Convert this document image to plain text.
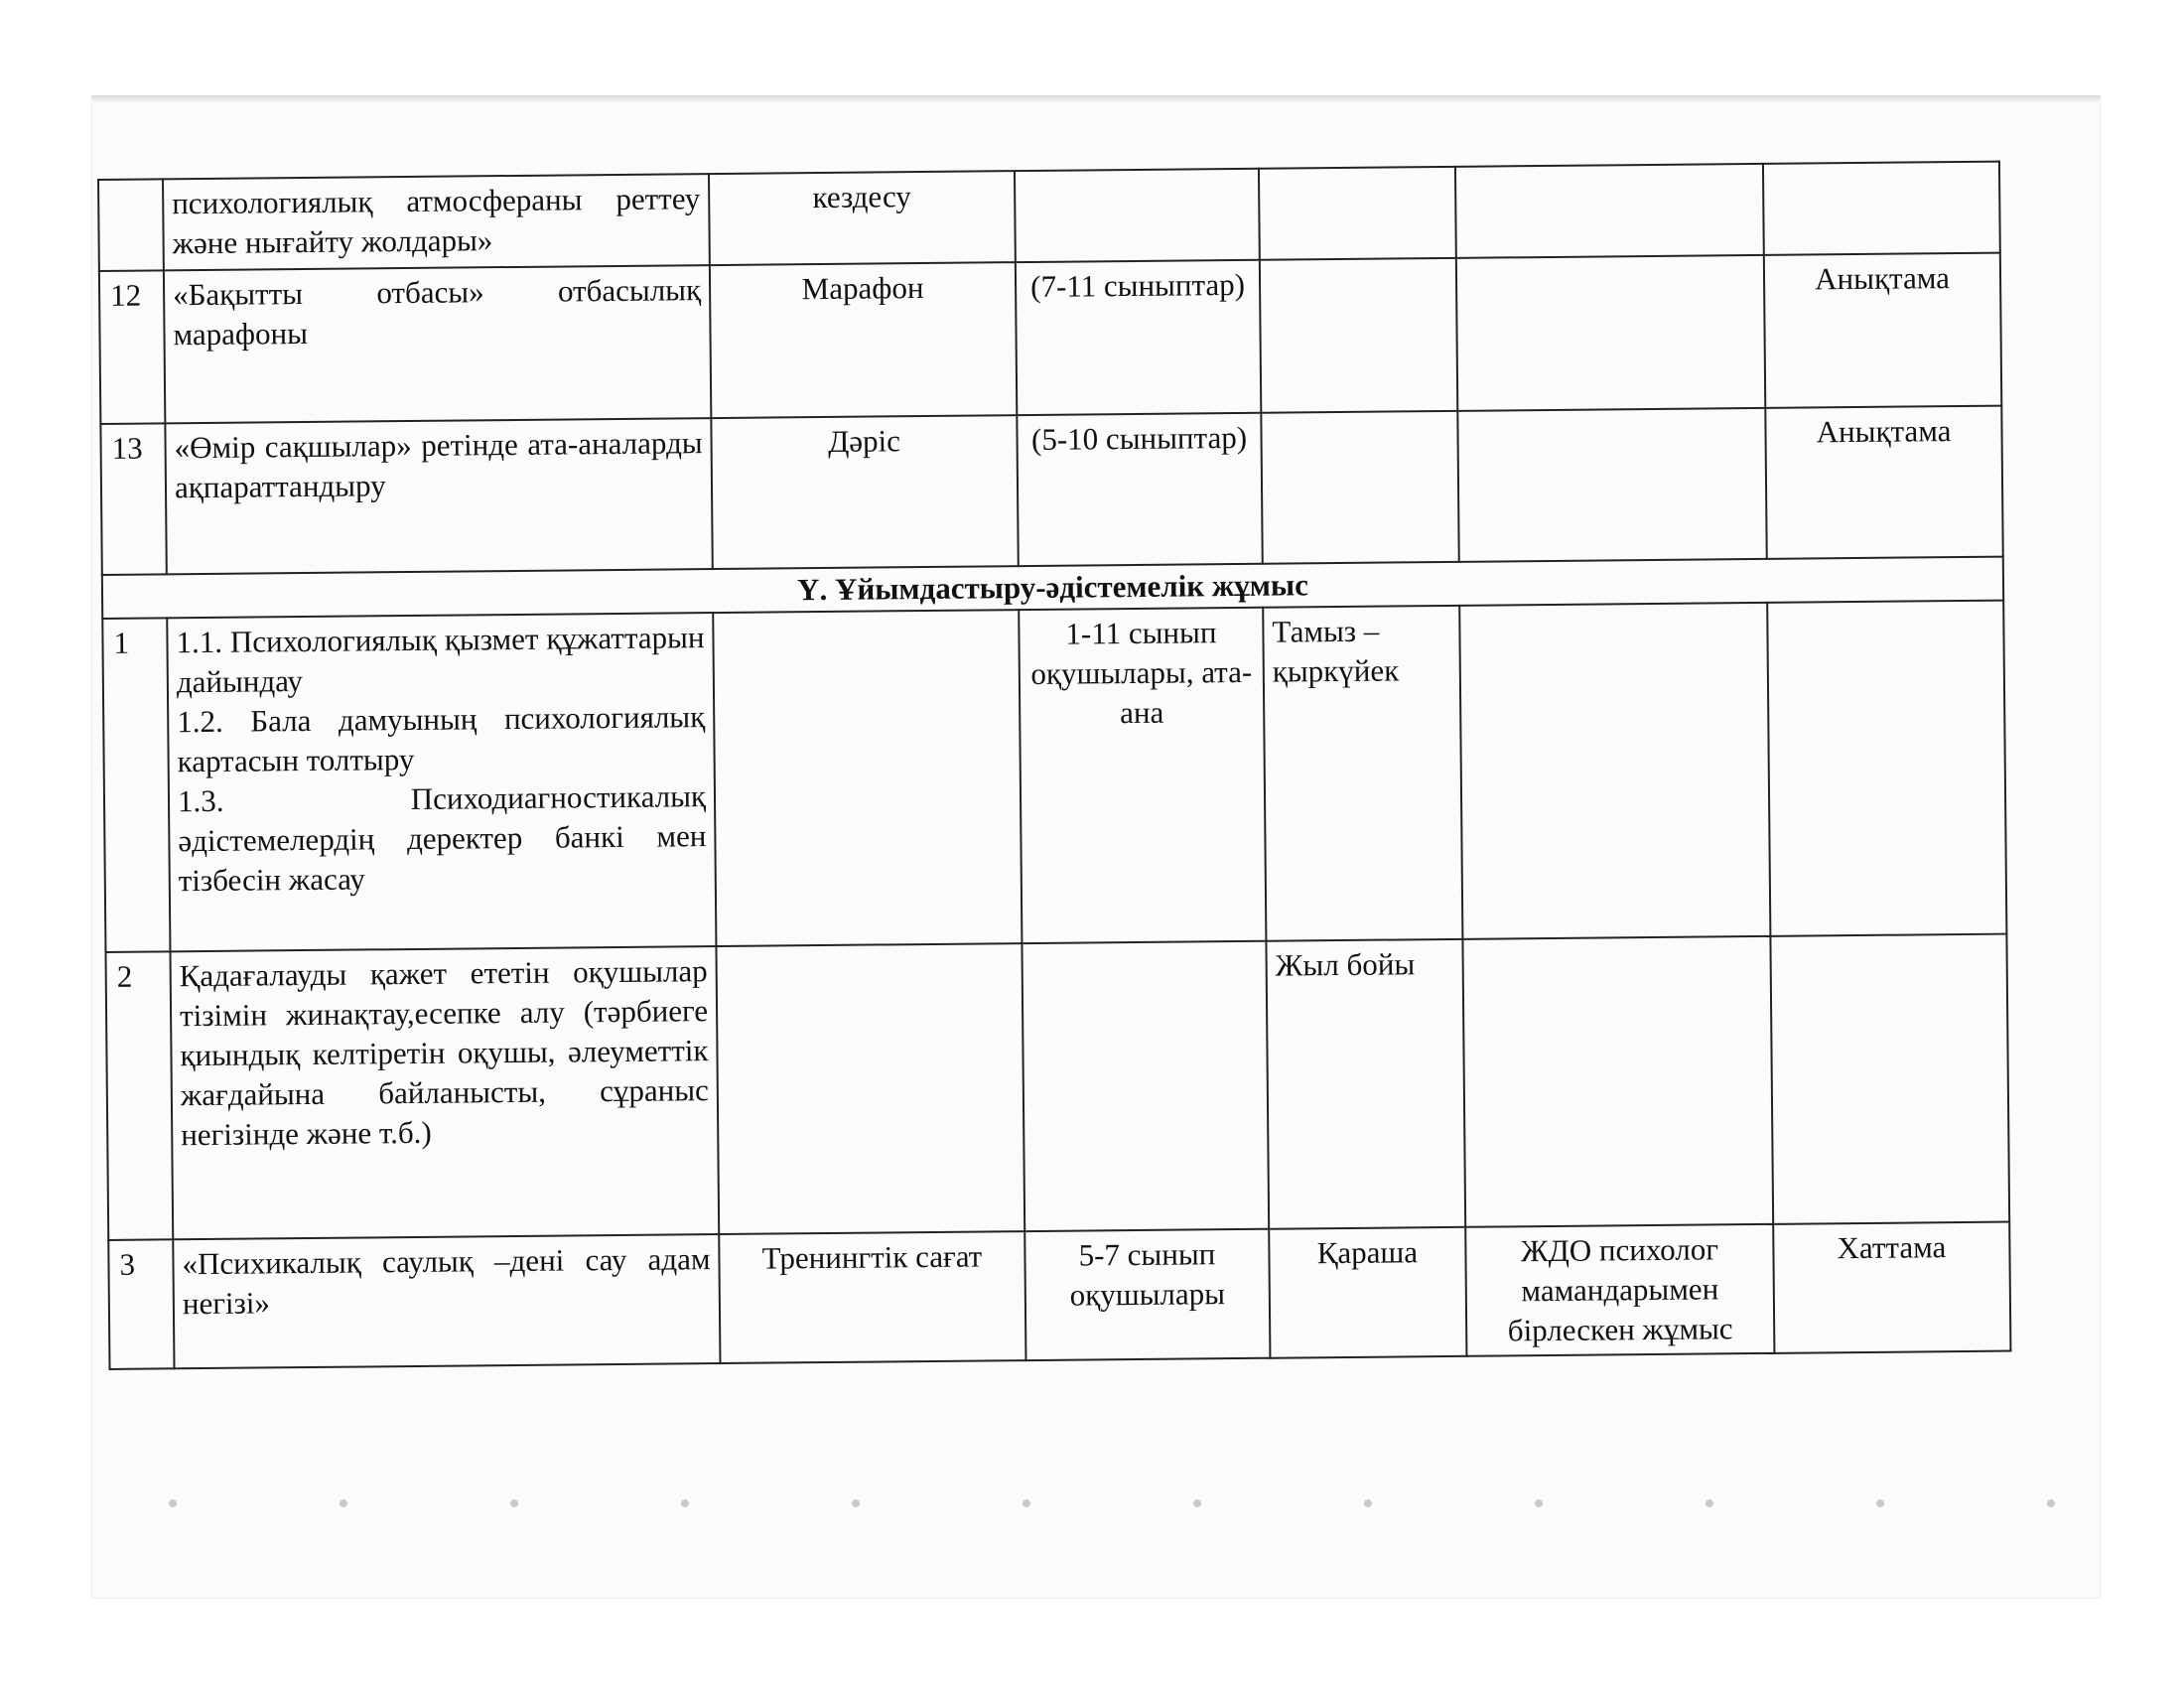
	психологиялық атмосфераны реттеу және нығайту жолдары»	кездесу				
12	«Бақытты отбасы» отбасылық марафоны	Марафон	(7-11 сыныптар)			Анықтама
13	«Өмір сақшылар» ретінде ата-аналарды ақпараттандыру	Дәріс	(5-10 сыныптар)			Анықтама
Ү. Ұйымдастыру-әдістемелік жұмыс						
1	1.1. Психологиялық қызмет құжаттарын дайындау
1.2. Бала дамуының психологиялық картасын толтыру
1.3. Психодиагностикалық әдістемелердің деректер банкі мен тізбесін жасау		1-11 сынып оқушылары, ата-ана	Тамыз – қыркүйек		
2	Қадағалауды қажет ететін оқушылар тізімін жинақтау,есепке алу (тәрбиеге қиындық келтіретін оқушы, әлеуметтік жағдайына байланысты, сұраныс негізінде және т.б.)			Жыл бойы		
3	«Психикалық саулық –дені сау адам негізі»	Тренингтік сағат	5-7 сынып оқушылары	Қараша	ЖДО психолог мамандарымен бірлескен жұмыс	Хаттама
